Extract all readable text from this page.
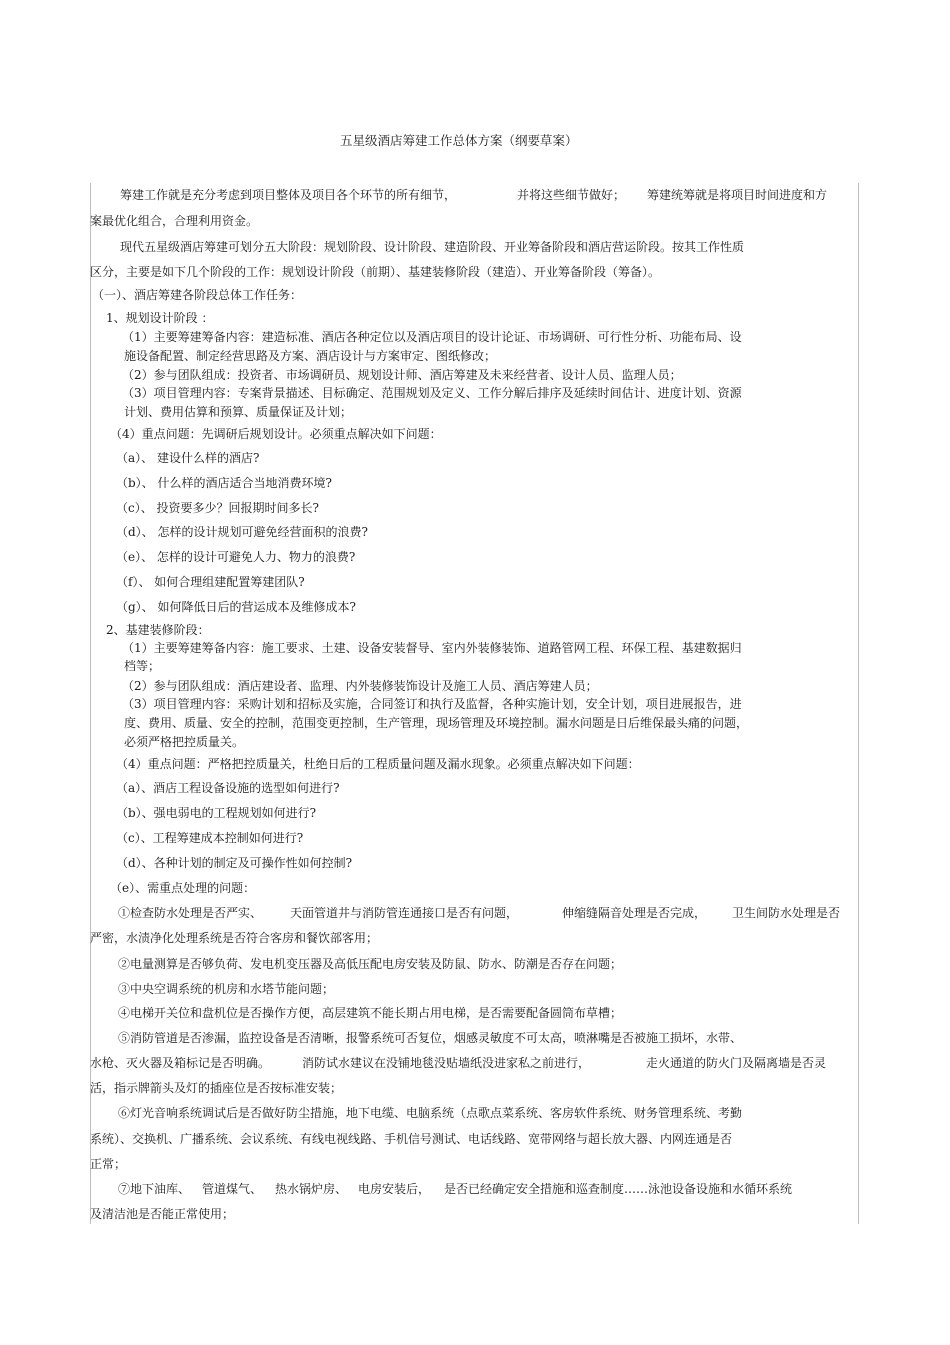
五星级酒店筹建工作总体方案（纲要草案）
筹建工作就是充分考虑到项目整体及项目各个环节的所有细节，	并将这些细节做好； 筹建统筹就是将项目时间进度和方
案最优化组合，合理利用资金。
现代五星级酒店筹建可划分五大阶段：规划阶段、设计阶段、建造阶段、开业筹备阶段和酒店营运阶段。按其工作性质
区分，主要是如下几个阶段的工作：规划设计阶段（前期）、基建装修阶段（建造）、开业筹备阶段（筹备）。
（一）、酒店筹建各阶段总体工作任务：
1、规划设计阶段 ：
（1）主要筹建筹备内容：建造标准、酒店各种定位以及酒店项目的设计论证、市场调研、可行性分析、功能布局、设
施设备配置、制定经营思路及方案、酒店设计与方案审定、图纸修改；
（2）参与团队组成：投资者、市场调研员、规划设计师、酒店筹建及未来经营者、设计人员、监理人员；
（3）项目管理内容：专案背景描述、目标确定、范围规划及定义、工作分解后排序及延续时间估计、进度计划、资源
计划、费用估算和预算、质量保证及计划；
（4）重点问题：先调研后规划设计。必须重点解决如下问题：
（a）、 建设什么样的酒店?
（b）、 什么样的酒店适合当地消费环境?
（c）、 投资要多少？回报期时间多长?
（d）、 怎样的设计规划可避免经营面积的浪费?
（e）、 怎样的设计可避免人力、物力的浪费?
（f）、 如何合理组建配置筹建团队?
（g）、 如何降低日后的营运成本及维修成本?
2、基建装修阶段：
（1）主要筹建筹备内容：施工要求、土建、设备安装督导、室内外装修装饰、道路管网工程、环保工程、基建数据归
档等；
（2）参与团队组成：酒店建设者、监理、内外装修装饰设计及施工人员、酒店筹建人员；
（3）项目管理内容：采购计划和招标及实施，合同签订和执行及监督，各种实施计划，安全计划，项目进展报告，进
度、费用、质量、安全的控制，范围变更控制，生产管理，现场管理及环境控制。漏水问题是日后维保最头痛的问题，
必须严格把控质量关。
（4）重点问题：严格把控质量关，杜绝日后的工程质量问题及漏水现象。必须重点解决如下问题：
（a）、酒店工程设备设施的选型如何进行?
（b）、强电弱电的工程规划如何进行?
（c）、工程筹建成本控制如何进行?
（d）、各种计划的制定及可操作性如何控制?
（e）、需重点处理的问题：
①检查防水处理是否严实、 天面管道井与消防管连通接口是否有问题，	伸缩缝隔音处理是否完成， 卫生间防水处理是否
严密，水渍净化处理系统是否符合客房和餐饮部客用；
②电量测算是否够负荷、发电机变压器及高低压配电房安装及防鼠、防水、防潮是否存在问题；
③中央空调系统的机房和水塔节能问题；
④电梯开关位和盘机位是否操作方便，高层建筑不能长期占用电梯，是否需要配备圆筒布草槽；
⑤消防管道是否渗漏，监控设备是否清晰，报警系统可否复位，烟感灵敏度不可太高，喷淋嘴是否被施工损坏，水带、
水枪、灭火器及箱标记是否明确。	消防试水建议在没铺地毯没贴墙纸没进家私之前进行，	走火通道的防火门及隔离墙是否灵
活，指示牌箭头及灯的插座位是否按标准安装；
⑥灯光音响系统调试后是否做好防尘措施，地下电缆、电脑系统（点歌点菜系统、客房软件系统、财务管理系统、考勤
系统）、交换机、广播系统、会议系统、有线电视线路、手机信号测试、电话线路、宽带网络与超长放大器、内网连通是否
正常；
⑦地下油库、 管道煤气、 热水锅炉房、 电房安装后， 是否已经确定安全措施和巡查制度……泳池设备设施和水循环系统
及清洁池是否能正常使用；
